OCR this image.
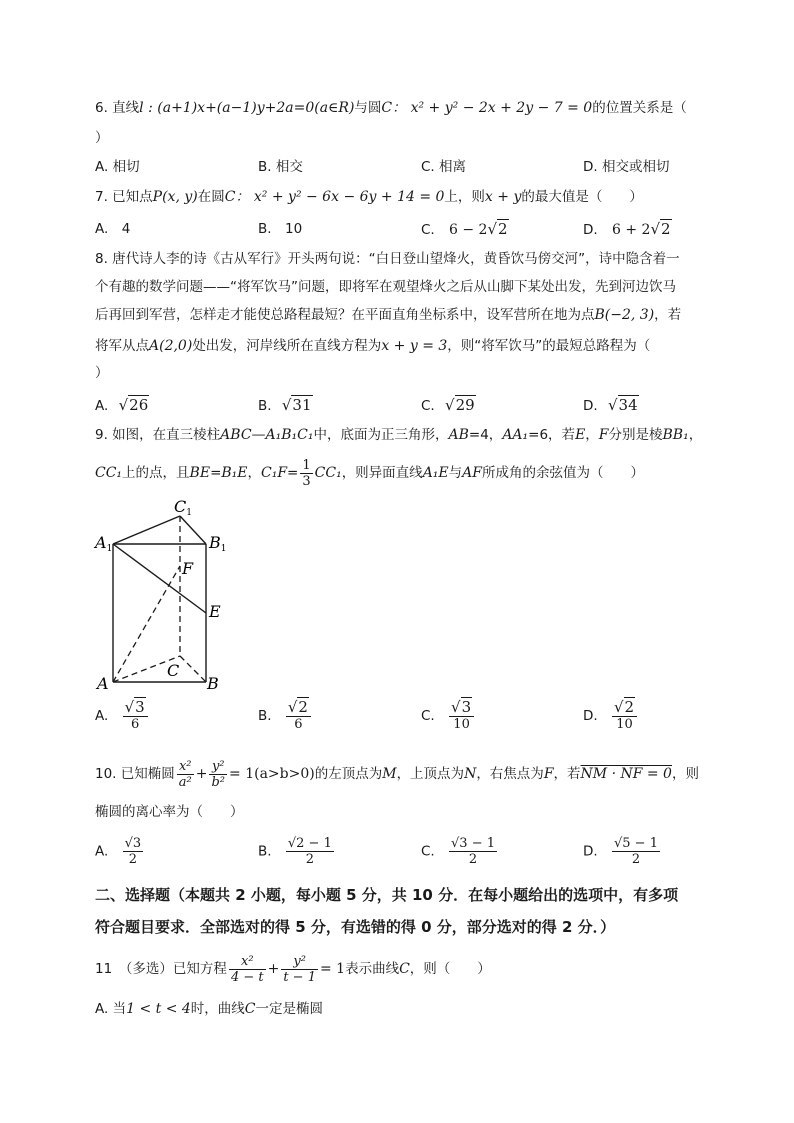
6. 直线l : (a+1)x+(a−1)y+2a=0(a∈R)与圆C： x² + y² − 2x + 2y − 7 = 0的位置关系是（
）
A. 相切	B. 相交	C. 相离	D. 相交或相切
7. 已知点P(x, y)在圆C： x² + y² − 6x − 6y + 14 = 0上，则x + y的最大值是（　　）
A.　4	B.　10	C. 6 − 2√2	D. 6 + 2√2
8. 唐代诗人李的诗《古从军行》开头两句说：“白日登山望烽火，黄昏饮马傍交河”，诗中隐含着一
个有趣的数学问题——“将军饮马”问题，即将军在观望烽火之后从山脚下某处出发，先到河边饮马
后再回到军营，怎样走才能使总路程最短？在平面直角坐标系中，设军营所在地为点B(−2, 3)，若
将军从点A(2,0)处出发，河岸线所在直线方程为x + y = 3，则“将军饮马”的最短总路程为（
）
A. √26	B. √31	C. √29	D. √34
9. 如图，在直三棱柱ABC—A₁B₁C₁中，底面为正三角形，AB=4，AA₁=6，若E，F分别是棱BB₁，
CC₁上的点，且BE=B₁E，$C_1F= \frac{1}{3} CC_1$，则异面直线A₁E与AF所成角的余弦值为（　　）
C1
A1	B1
F
E
C
A	B
A. $\frac{√3}{6}$	B. $\frac{√2}{6}$	C. $\frac{√3}{10}$	D. $\frac{√2}{10}$
10. 已知椭圆 $\frac{\text{x²}}{\text{a²}} + \frac{\text{y²}}{\text{b²}} = 1(a>b>0)$的左顶点为M，上顶点为N，右焦点为F，若NM · NF = 0，则
椭圆的离心率为（　　）
A. $\frac{√3}{2}$	B. $\frac{√2 - 1}{2}$	C. $\frac{√3 - 1}{2}$	D. $\frac{√5 - 1}{2}$
二、选择题（本题共 2 小题，每小题 5 分，共 10 分．在每小题给出的选项中，有多项
符合题目要求．全部选对的得 5 分，有选错的得 0 分，部分选对的得 2 分．）
11　（多选）已知方程 $\frac{\text{x²}}{4 - t} + \frac{\text{y²}}{t - 1} = 1$表示曲线C，则（　　）
A. 当1 < t < 4时，曲线C一定是椭圆
